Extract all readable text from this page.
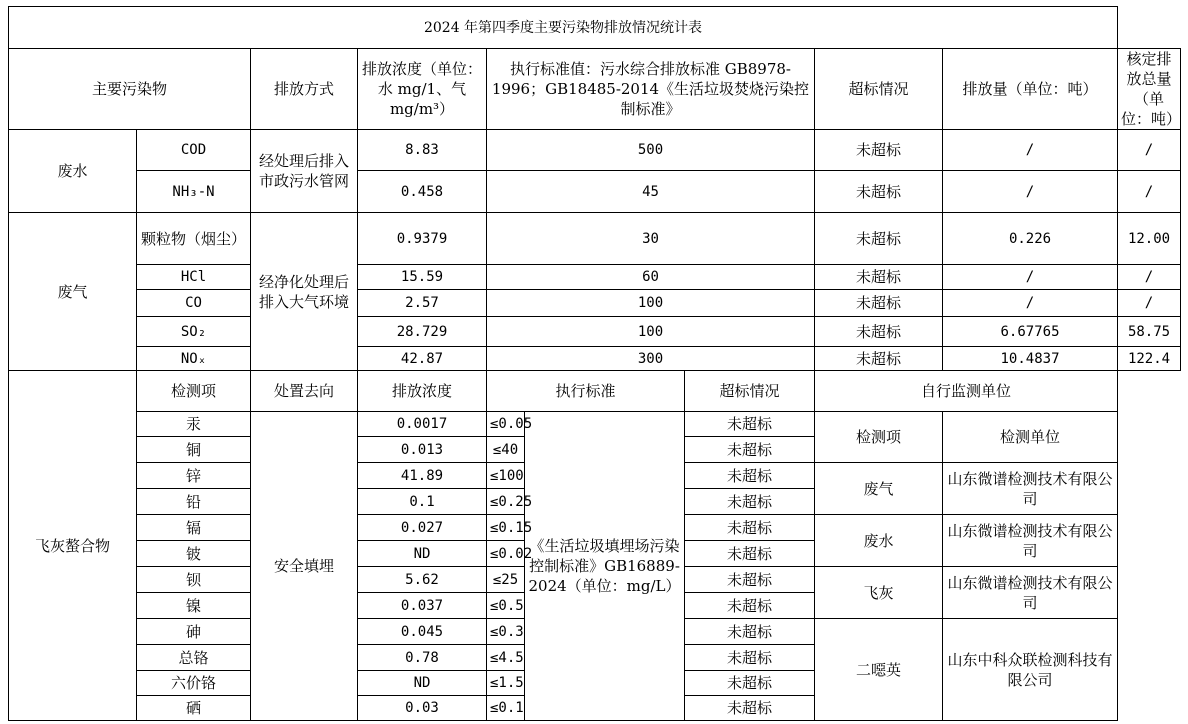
2024 年第四季度主要污染物排放情况统计表									
主要污染物		排放方式	排放浓度（单位：水 mg/1、气 mg/m³）	执行标准值：污水综合排放标准 GB8978-1996；GB18485-2014《生活垃圾焚烧污染控制标准》			超标情况	排放量（单位：吨）	核定排放总量（单位：吨）
废水	COD	经处理后排入市政污水管网	8.83	500			未超标	/	/
	NH₃-N		0.458	45			未超标	/	/
废气	颗粒物（烟尘）	经净化处理后排入大气环境	0.9379	30			未超标	0.226	12.00
	HCl		15.59	60			未超标	/	/
	CO		2.57	100			未超标	/	/
	SO₂		28.729	100			未超标	6.67765	58.75
	NOₓ		42.87	300			未超标	10.4837	122.4
飞灰螯合物	检测项	处置去向	排放浓度	执行标准		超标情况	自行监测单位		
	汞	安全填埋	0.0017	≤0.05	《生活垃圾填埋场污染控制标准》GB16889-2024（单位：mg/L）	未超标	检测项	检测单位	
	铜		0.013	≤40		未超标			
	锌		41.89	≤100		未超标	废气	山东微谱检测技术有限公司	
	铅		0.1	≤0.25		未超标			
	镉		0.027	≤0.15		未超标	废水	山东微谱检测技术有限公司	
	铍		ND	≤0.02		未超标			
	钡		5.62	≤25		未超标	飞灰	山东微谱检测技术有限公司	
	镍		0.037	≤0.5		未超标			
	砷		0.045	≤0.3		未超标	二噁英	山东中科众联检测科技有限公司	
	总铬		0.78	≤4.5		未超标			
	六价铬		ND	≤1.5		未超标			
	硒		0.03	≤0.1		未超标			
